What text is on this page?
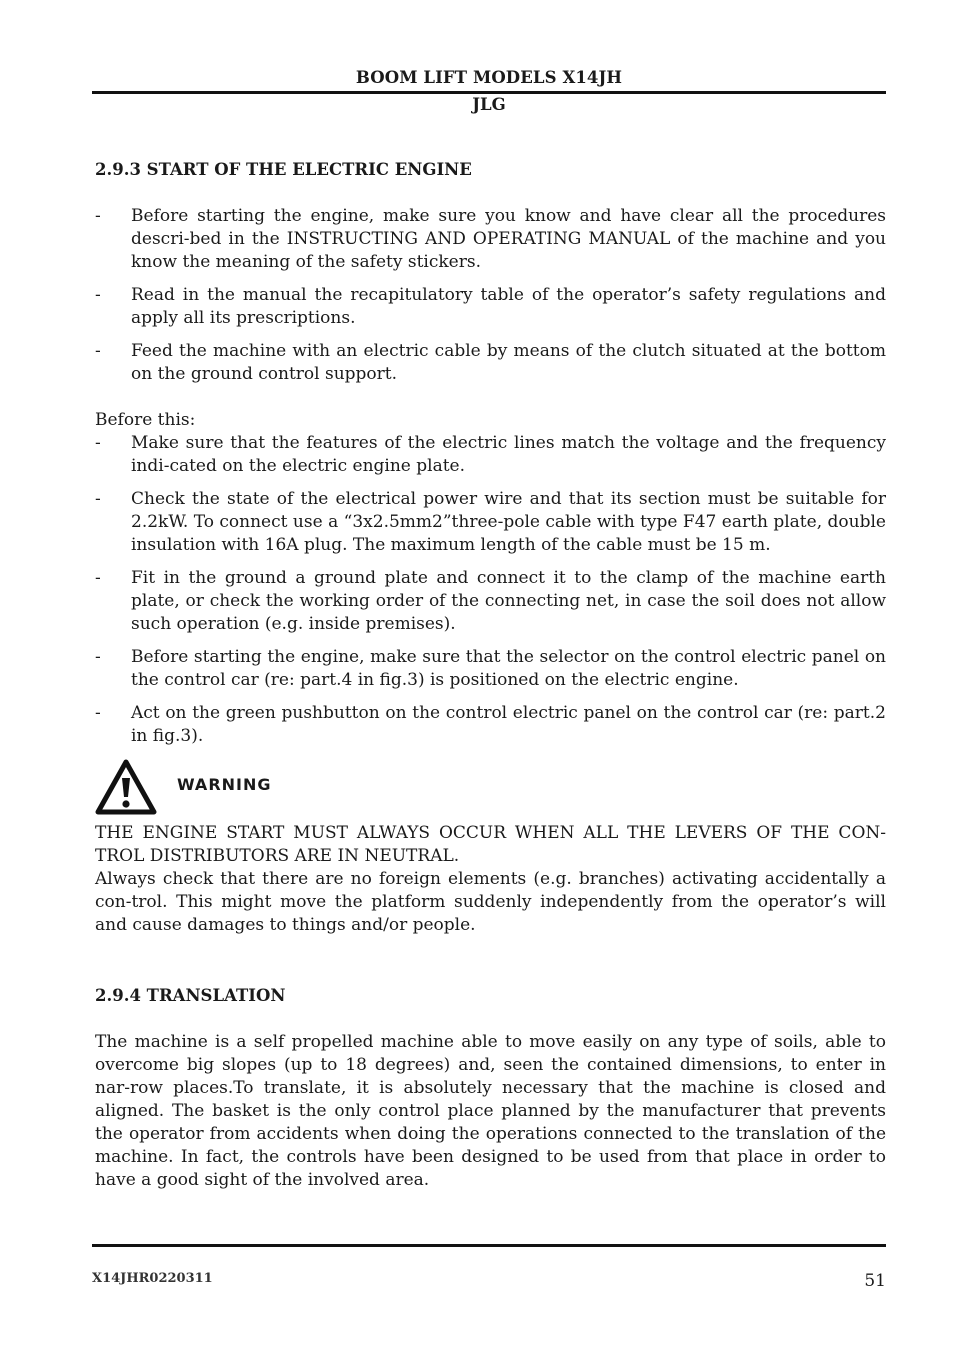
BOOM LIFT MODELS X14JH
JLG
2.9.3 START OF THE ELECTRIC ENGINE
- Before starting the engine, make sure you know and have clear all the procedures descri-bed in the INSTRUCTING AND OPERATING MANUAL of the machine and you know the meaning of the safety stickers.
- Read in the manual the recapitulatory table of the operator’s safety regulations and apply all its prescriptions.
- Feed the machine with an electric cable by means of the clutch situated at the bottom on the ground control support.

Before this:

- Make sure that the features of the electric lines match the voltage and the frequency indi-cated on the electric engine plate.
- Check the state of the electrical power wire and that its section must be suitable for 2.2kW. To connect use a “3x2.5mm2”three-pole cable with type F47 earth plate, double insulation with 16A plug. The maximum length of the cable must be 15 m.
- Fit in the ground a ground plate and connect it to the clamp of the machine earth plate, or check the working order of the connecting net, in case the soil does not allow such operation (e.g. inside premises).
- Before starting the engine, make sure that the selector on the control electric panel on the control car (re: part.4 in fig.3) is positioned on the electric engine.
- Act on the green pushbutton on the control electric panel on the control car (re: part.2 in fig.3).
WARNING

THE ENGINE START MUST ALWAYS OCCUR WHEN ALL THE LEVERS OF THE CON-TROL DISTRIBUTORS ARE IN NEUTRAL.

Always check that there are no foreign elements (e.g. branches) activating accidentally a con-trol. This might move the platform suddenly independently from the operator’s will and cause damages to things and/or people.

2.9.4 TRANSLATION

The machine is a self propelled machine able to move easily on any type of soils, able to overcome big slopes (up to 18 degrees) and, seen the contained dimensions, to enter in nar-row places.To translate, it is absolutely necessary that the machine is closed and aligned. The basket is the only control place planned by the manufacturer that prevents the operator from accidents when doing the operations connected to the translation of the machine. In fact, the controls have been designed to be used from that place in order to have a good sight of the involved area.

X14JHR0220311	51
